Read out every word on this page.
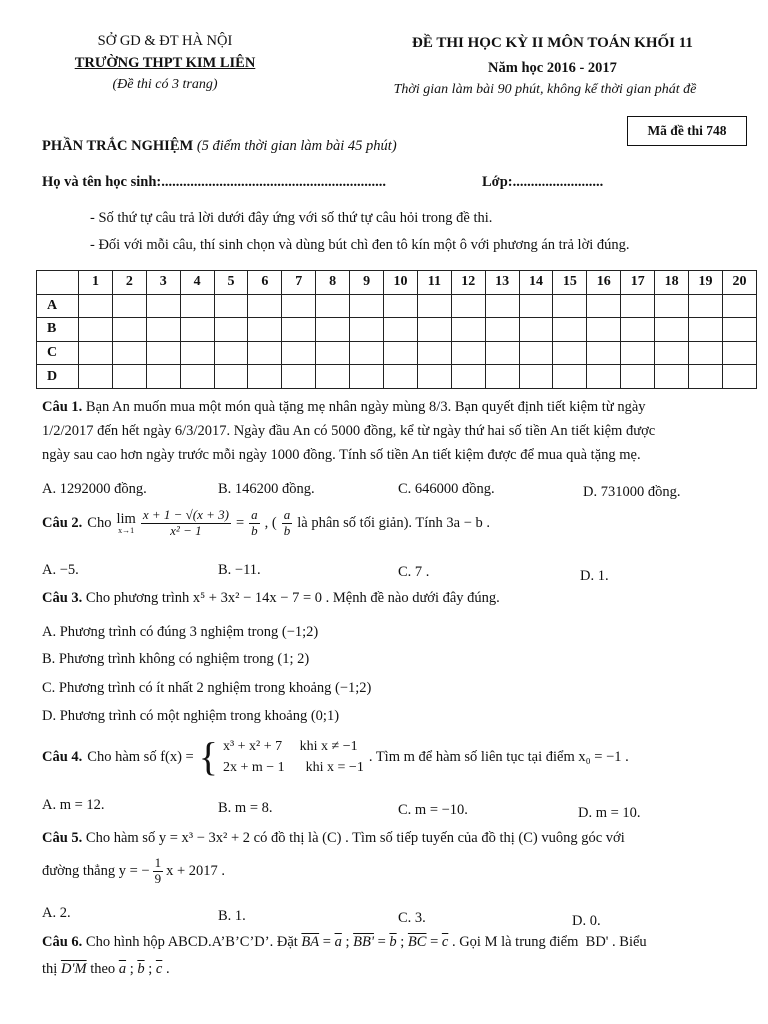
SỞ GD & ĐT HÀ NỘI
TRƯỜNG THPT KIM LIÊN
(Đề thi có 3 trang)
ĐỀ THI HỌC KỲ II MÔN TOÁN KHỐI 11
Năm học 2016 - 2017
Thời gian làm bài 90 phút, không kể thời gian phát đề
Mã đề thi 748
PHẦN TRẮC NGHIỆM (5 điểm thời gian làm bài 45 phút)
Họ và tên học sinh:..............................................................	Lớp:.........................
- Số thứ tự câu trả lời dưới đây ứng với số thứ tự câu hỏi trong đề thi.
- Đối với mỗi câu, thí sinh chọn và dùng bút chì đen tô kín một ô với phương án trả lời đúng.
	1	2	3	4	5	6	7	8	9	10	11	12	13	14	15	16	17	18	19	20
A																				
B																				
C																				
D																				
Câu 1. Bạn An muốn mua một món quà tặng mẹ nhân ngày mùng 8/3. Bạn quyết định tiết kiệm từ ngày
1/2/2017 đến hết ngày 6/3/2017. Ngày đầu An có 5000 đồng, kể từ ngày thứ hai số tiền An tiết kiệm được
ngày sau cao hơn ngày trước mỗi ngày 1000 đồng. Tính số tiền An tiết kiệm được để mua quà tặng mẹ.
A. 1292000 đồng.	B. 146200 đồng.	C. 646000 đồng.	D. 731000 đồng.
Câu 2. Cho lim
$x\to 1 \frac{x + 1 - √(x + 3)}{\text{x² − 1}} = \frac{a}{b}$ , ( $\frac{a}{b}$ là phân số tối giản). Tính 3a − b .
A. −5.	B. −11.	C. 7 .	D. 1.
Câu 3. Cho phương trình x⁵ + 3x² − 14x − 7 = 0 . Mệnh đề nào dưới đây đúng.
A. Phương trình có đúng 3 nghiệm trong (−1;2)
B. Phương trình không có nghiệm trong (1; 2)
C. Phương trình có ít nhất 2 nghiệm trong khoảng (−1;2)
D. Phương trình có một nghiệm trong khoảng (0;1)
Câu 4. Cho hàm số f(x) = { x³ + x² + 7     khi x ≠ −1
2x + m − 1      khi x = −1
. Tìm m để hàm số liên tục tại điểm x₀ = −1 .
A. m = 12.	B. m = 8.	C. m = −10.	D. m = 10.
Câu 5. Cho hàm số y = x³ − 3x² + 2 có đồ thị là (C) . Tìm số tiếp tuyến của đồ thị (C) vuông góc với
đường thẳng y = − $\frac{1}{9}$ x + 2017 .
A. 2.	B. 1.	C. 3.	D. 0.
Câu 6. Cho hình hộp ABCD.A’B’C’D’. Đặt $\overline{BA} = \overline{a}$ ; $BB' = \overline{b}$ ; $\overline{BC} = \overline{c}$ . Gọi M là trung điểm  BD' . Biểu
thị D'M theo $\overline{a}$ ; $\overline{b}$ ; $\overline{c}$ .
